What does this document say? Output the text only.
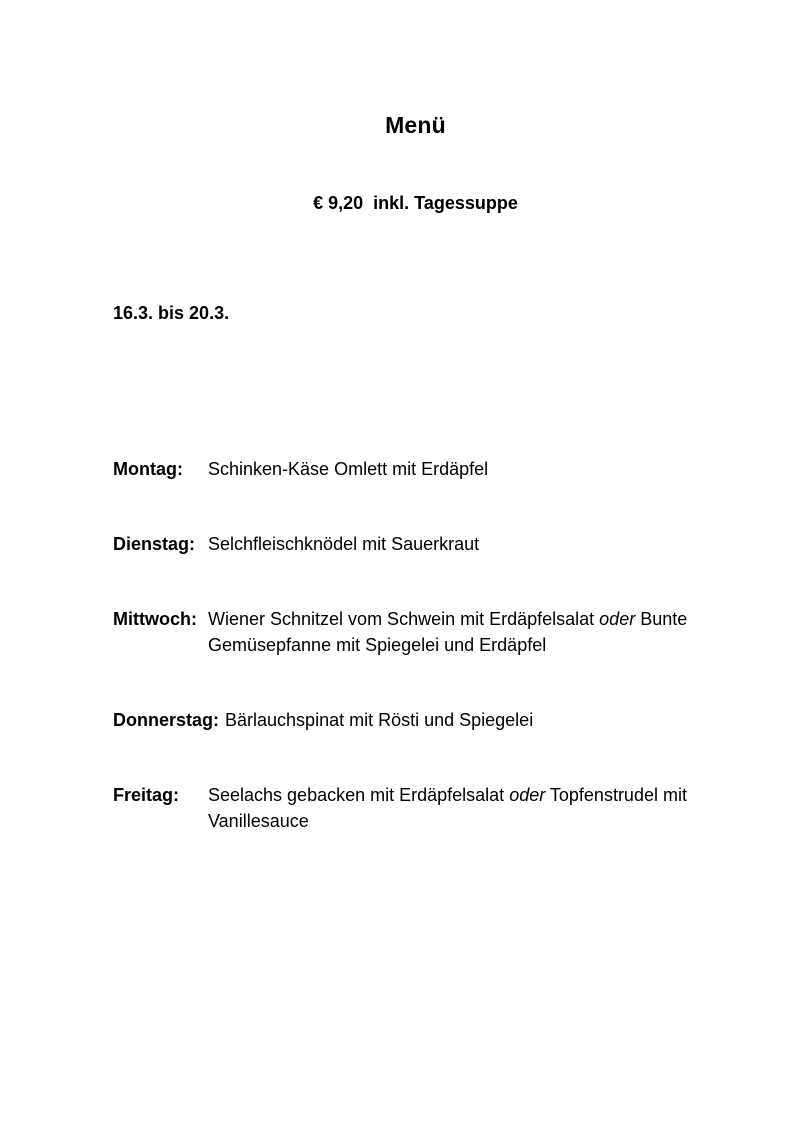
Menü
€ 9,20  inkl. Tagessuppe
16.3. bis 20.3.
Montag:	Schinken-Käse Omlett mit Erdäpfel
Dienstag: Selchfleischknödel mit Sauerkraut
Mittwoch: Wiener Schnitzel vom Schwein mit Erdäpfelsalat oder Bunte Gemüsepfanne mit Spiegelei und Erdäpfel
Donnerstag: Bärlauchspinat mit Rösti und Spiegelei
Freitag:	Seelachs gebacken mit Erdäpfelsalat oder Topfenstrudel mit Vanillesauce
